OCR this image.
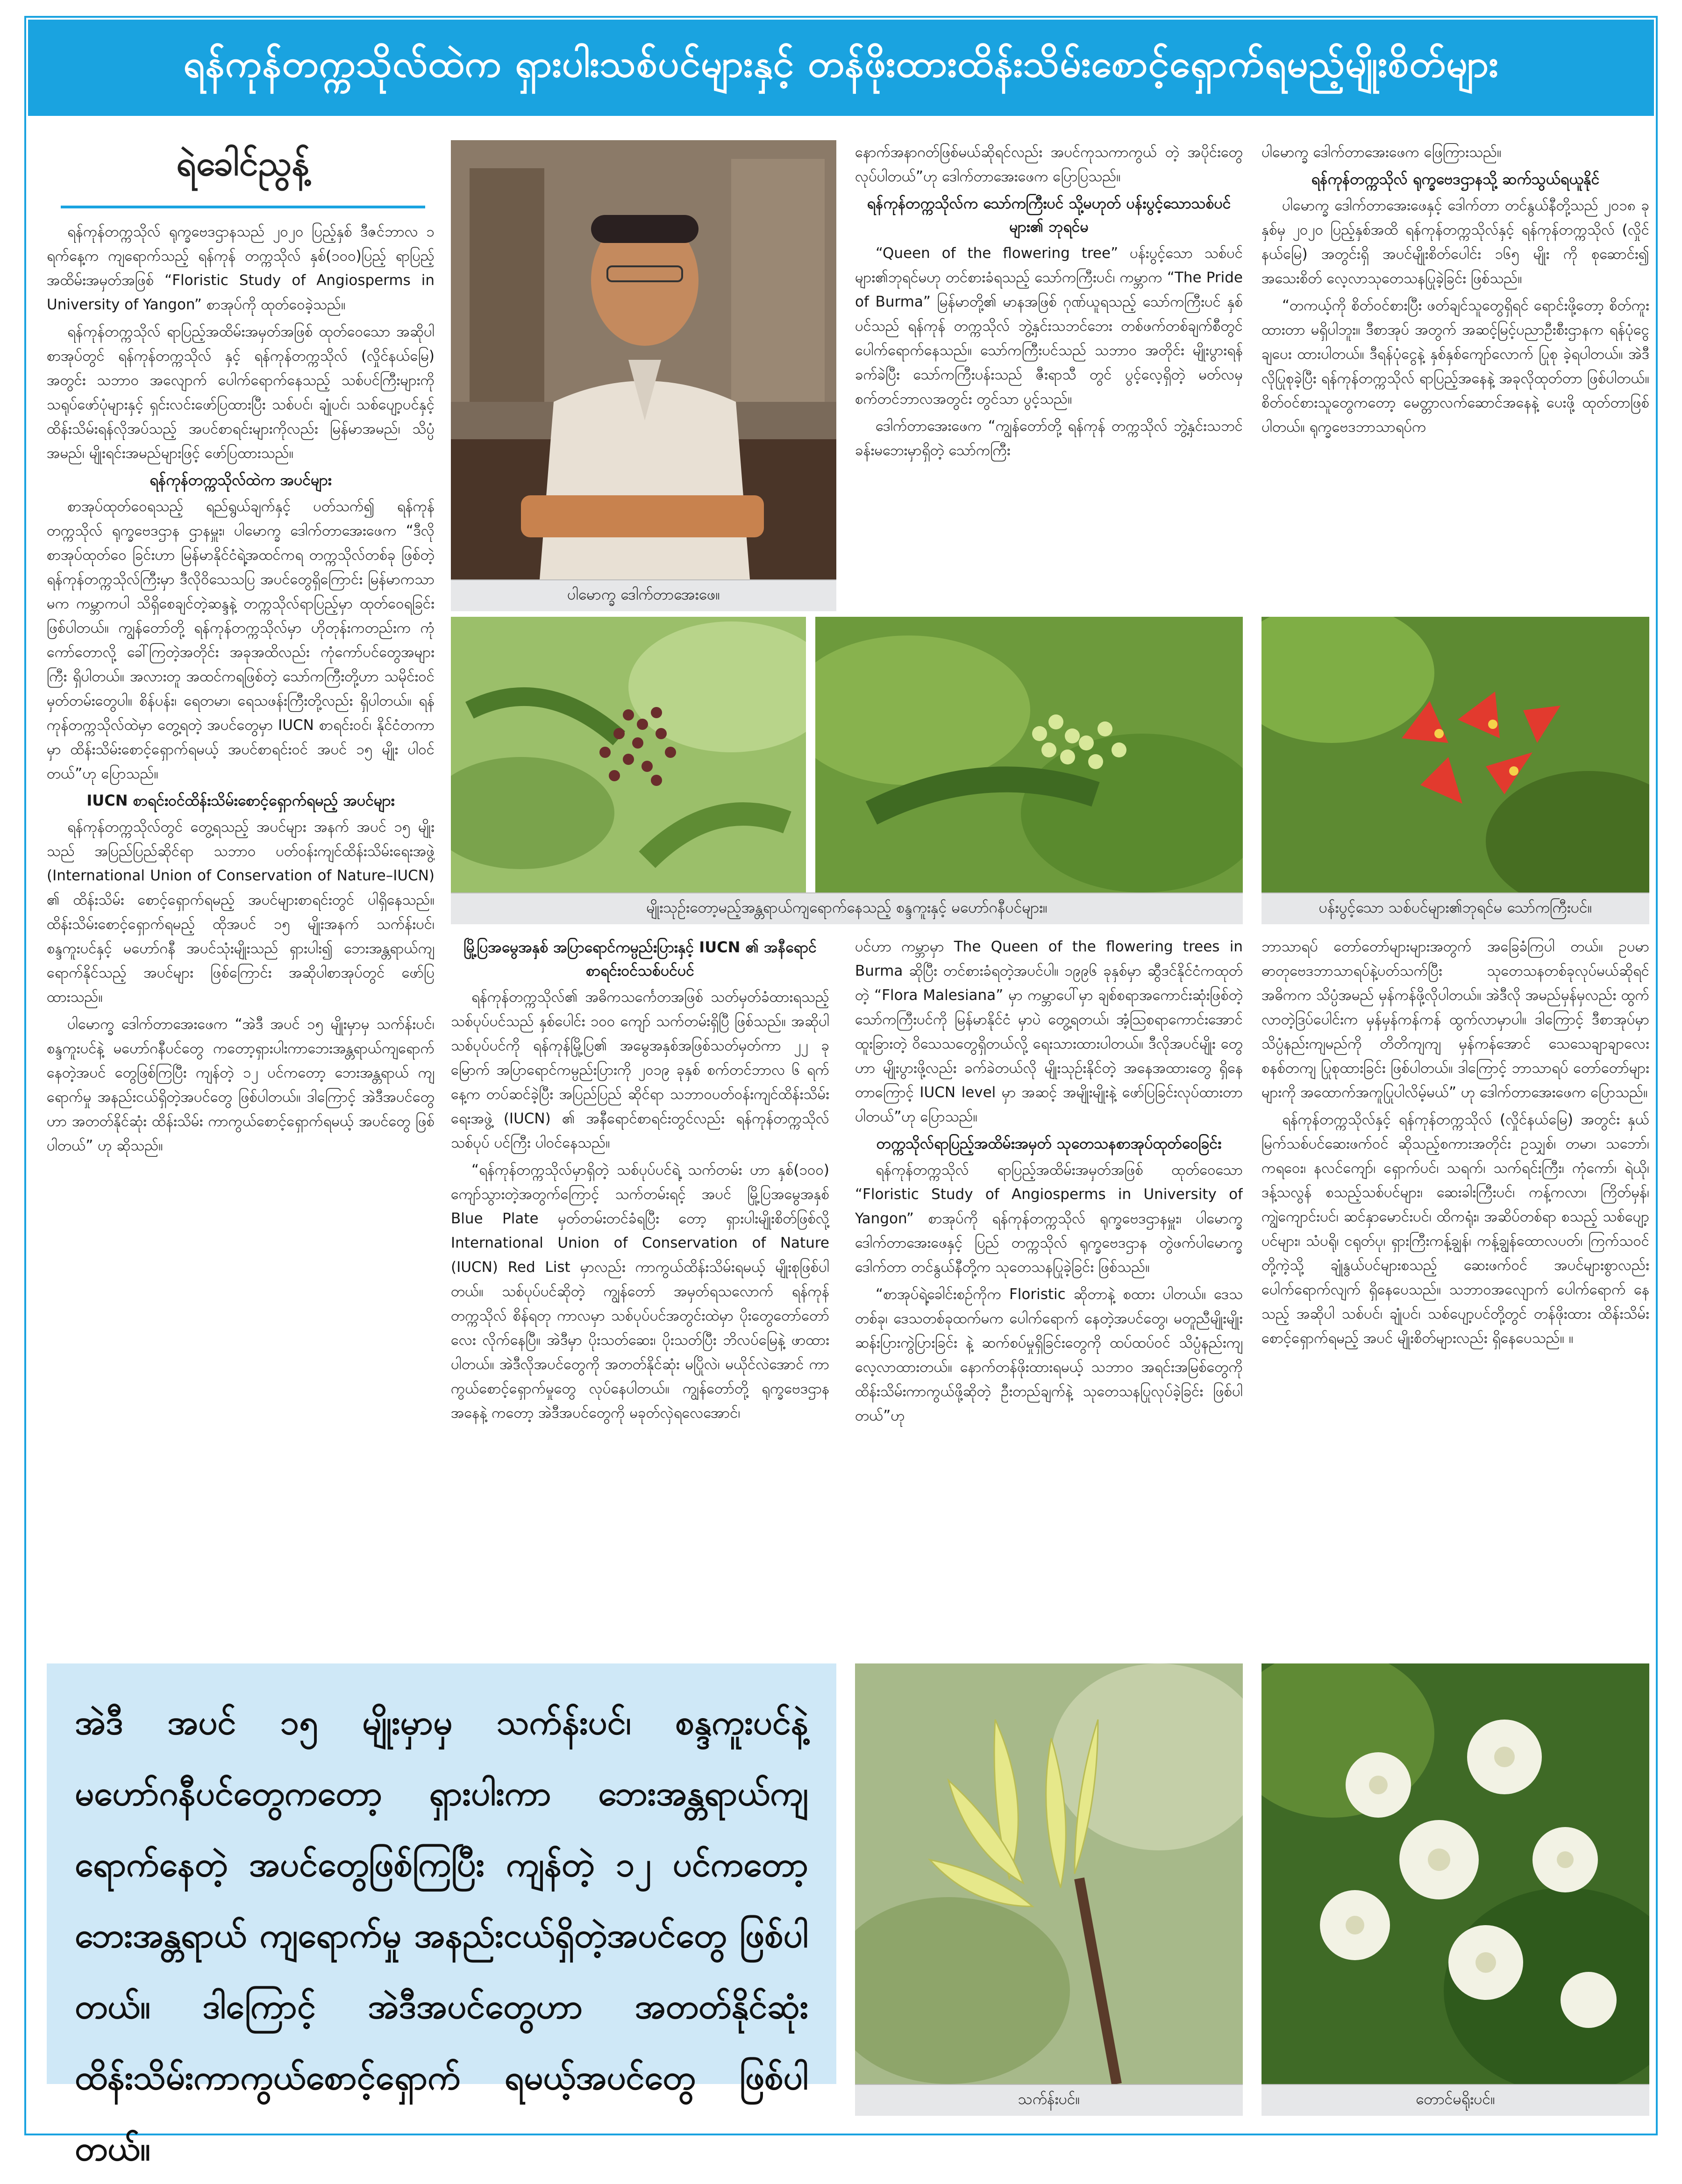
ရန်ကုန်တက္ကသိုလ်ထဲက ရှားပါးသစ်ပင်များနှင့် တန်ဖိုးထားထိန်းသိမ်းစောင့်ရှောက်ရမည့်မျိုးစိတ်များ
ရဲခေါင်ညွန့်

ရန်ကုန်တက္ကသိုလ် ရုက္ခဗေဒဌာနသည် ၂၀၂၀ ပြည့်နှစ် ဒီဇင်ဘာလ ၁ ရက်နေ့က ကျရောက်သည့် ရန်ကုန် တက္ကသိုလ် နှစ်(၁၀၀)ပြည့် ရာပြည့်အထိမ်းအမှတ်အဖြစ် “Floristic Study of Angiosperms in University of Yangon” စာအုပ်ကို ထုတ်ဝေခဲ့သည်။

ရန်ကုန်တက္ကသိုလ် ရာပြည့်အထိမ်းအမှတ်အဖြစ် ထုတ်ဝေသော အဆိုပါစာအုပ်တွင် ရန်ကုန်တက္ကသိုလ် နှင့် ရန်ကုန်တက္ကသိုလ် (လှိုင်နယ်မြေ) အတွင်း သဘာဝ အလျောက် ပေါက်ရောက်နေသည့် သစ်ပင်ကြီးများကို သရုပ်ဖော်ပုံများနှင့် ရှင်းလင်းဖော်ပြထားပြီး သစ်ပင်၊ ချုံပင်၊ သစ်ပျော့ပင်နှင့် ထိန်းသိမ်းရန်လိုအပ်သည့် အပင်စာရင်းများကိုလည်း မြန်မာအမည်၊ သိပ္ပံအမည်၊ မျိုးရင်းအမည်များဖြင့် ဖော်ပြထားသည်။

ရန်ကုန်တက္ကသိုလ်ထဲက အပင်များ

စာအုပ်ထုတ်ဝေရသည့် ရည်ရွယ်ချက်နှင့် ပတ်သက်၍ ရန်ကုန်တက္ကသိုလ် ရုက္ခဗေဒဌာန ဌာနမှူး၊ ပါမောက္ခ ဒေါက်တာအေးဖေက “ဒီလိုစာအုပ်ထုတ်ဝေ ခြင်းဟာ မြန်မာနိုင်ငံရဲ့အထင်ကရ တက္ကသိုလ်တစ်ခု ဖြစ်တဲ့ ရန်ကုန်တက္ကသိုလ်ကြီးမှာ ဒီလိုဝိသေသပြ အပင်တွေရှိကြောင်း မြန်မာကသာမက ကမ္ဘာကပါ သိရှိစေချင်တဲ့ဆန္ဒနဲ့ တက္ကသိုလ်ရာပြည့်မှာ ထုတ်ဝေရခြင်း ဖြစ်ပါတယ်။ ကျွန်တော်တို့ ရန်ကုန်တက္ကသိုလ်မှာ ဟိုတုန်းကတည်းက ကုံကော်တောလို့ ခေါ်ကြတဲ့အတိုင်း အခုအထိလည်း ကုံကော်ပင်တွေအများကြီး ရှိပါတယ်။ အလားတူ အထင်ကရဖြစ်တဲ့ သော်ကကြီးတို့ဟာ သမိုင်းဝင်မှတ်တမ်းတွေပါ။ စိန်ပန်း၊ ရေတမာ၊ ရေသဖန်းကြီးတို့လည်း ရှိပါတယ်။ ရန်ကုန်တက္ကသိုလ်ထဲမှာ တွေ့ရတဲ့ အပင်တွေမှာ IUCN စာရင်းဝင်၊ နိုင်ငံတကာမှာ ထိန်းသိမ်းစောင့်ရှောက်ရမယ့် အပင်စာရင်းဝင် အပင် ၁၅ မျိုး ပါဝင်တယ်”ဟု ပြောသည်။

IUCN စာရင်းဝင်ထိန်းသိမ်းစောင့်ရှောက်ရမည့် အပင်များ

ရန်ကုန်တက္ကသိုလ်တွင် တွေ့ရသည့် အပင်များ အနက် အပင် ၁၅ မျိုးသည် အပြည်ပြည်ဆိုင်ရာ သဘာဝ ပတ်ဝန်းကျင်ထိန်းသိမ်းရေးအဖွဲ့ (International Union of Conservation of Nature–IUCN) ၏ ထိန်းသိမ်း စောင့်ရှောက်ရမည့် အပင်များစာရင်းတွင် ပါရှိနေသည်။ ထိန်းသိမ်းစောင့်ရှောက်ရမည့် ထိုအပင် ၁၅ မျိုးအနက် သက်န်းပင်၊ စန္ဒကူးပင်နှင့် မဟော်ဂနီ အပင်သုံးမျိုးသည် ရှားပါး၍ ဘေးအန္တရာယ်ကျရောက်နိုင်သည့် အပင်များ ဖြစ်ကြောင်း အဆိုပါစာအုပ်တွင် ဖော်ပြထားသည်။

ပါမောက္ခ ဒေါက်တာအေးဖေက “အဲဒီ အပင် ၁၅ မျိုးမှာမှ သက်န်းပင်၊ စန္ဒကူးပင်နဲ့ မဟော်ဂနီပင်တွေ ကတော့ရှားပါးကာဘေးအန္တရာယ်ကျရောက်နေတဲ့အပင် တွေဖြစ်ကြပြီး ကျန်တဲ့ ၁၂ ပင်ကတော့ ဘေးအန္တရာယ် ကျရောက်မှု အနည်းငယ်ရှိတဲ့အပင်တွေ ဖြစ်ပါတယ်။ ဒါကြောင့် အဲဒီအပင်တွေဟာ အတတ်နိုင်ဆုံး ထိန်းသိမ်း ကာကွယ်စောင့်ရှောက်ရမယ့် အပင်တွေ ဖြစ်ပါတယ်” ဟု ဆိုသည်။

ပါမောက္ခ ဒေါက်တာအေးဖေ။

နောက်အနာဂတ်ဖြစ်မယ်ဆိုရင်လည်း အပင်ကုသကာကွယ် တဲ့ အပိုင်းတွေလုပ်ပါတယ်”ဟု ဒေါက်တာအေးဖေက ပြောပြသည်။

ရန်ကုန်တက္ကသိုလ်က သော်ကကြီးပင် သို့မဟုတ် ပန်းပွင့်သောသစ်ပင်များ၏ ဘုရင်မ

“Queen of the flowering tree” ပန်းပွင့်သော သစ်ပင်များ၏ဘုရင်မဟု တင်စားခံရသည့် သော်ကကြီးပင်၊ ကမ္ဘာက “The Pride of Burma” မြန်မာတို့၏ မာနအဖြစ် ဂုဏ်ယူရသည့် သော်ကကြီးပင် နှစ်ပင်သည် ရန်ကုန် တက္ကသိုလ် ဘွဲ့နှင်းသဘင်ဘေး တစ်ဖက်တစ်ချက်စီတွင် ပေါက်ရောက်နေသည်။ သော်ကကြီးပင်သည် သဘာဝ အတိုင်း မျိုးပွားရန်ခက်ခဲပြီး သော်ကကြီးပန်းသည် ဇီးရာသီ တွင် ပွင့်လေ့ရှိတဲ့ မတ်လမှ စက်တင်ဘာလအတွင်း တွင်သာ ပွင့်သည်။

ဒေါက်တာအေးဖေက “ကျွန်တော်တို့ ရန်ကုန် တက္ကသိုလ် ဘွဲ့နှင်းသဘင်ခန်းမဘေးမှာရှိတဲ့ သော်ကကြီး

ပါမောက္ခ ဒေါက်တာအေးဖေက ဖြေကြားသည်။

ရန်ကုန်တက္ကသိုလ် ရုက္ခဗေဒဌာနသို့ ဆက်သွယ်ရယူနိုင်

ပါမောက္ခ ဒေါက်တာအေးဖေနှင့် ဒေါက်တာ တင်နွယ်နီတို့သည် ၂၀၁၈ ခုနှစ်မှ ၂၀၂၀ ပြည့်နှစ်အထိ ရန်ကုန်တက္ကသိုလ်နှင့် ရန်ကုန်တက္ကသိုလ် (လှိုင်နယ်မြေ) အတွင်းရှိ အပင်မျိုးစိတ်ပေါင်း ၁၆၅ မျိုး ကို စုဆောင်း၍ အသေးစိတ် လေ့လာသုတေသနပြုခဲ့ခြင်း ဖြစ်သည်။

“တကယ့်ကို စိတ်ဝင်စားပြီး ဖတ်ချင်သူတွေရှိရင် ရောင်းဖို့တော့ စိတ်ကူးထားတာ မရှိပါဘူး။ ဒီစာအုပ် အတွက် အဆင့်မြင့်ပညာဦးစီးဌာနက ရန်ပုံငွေ ချပေး ထားပါတယ်။ ဒီရန်ပုံငွေနဲ့ နှစ်နှစ်ကျော်လောက် ပြုစု ခဲ့ရပါတယ်။ အဲဒီလိုပြုစုခဲ့ပြီး ရန်ကုန်တက္ကသိုလ် ရာပြည့်အနေနဲ့ အခုလိုထုတ်တာ ဖြစ်ပါတယ်။ စိတ်ဝင်စားသူတွေကတော့ မေတ္တာလက်ဆောင်အနေနဲ့ ပေးဖို့ ထုတ်တာဖြစ်ပါတယ်။ ရုက္ခဗေဒဘာသာရပ်က

မျိုးသုဉ်းတော့မည့်အန္တရာယ်ကျရောက်နေသည့် စန္ဒကူးနှင့် မဟော်ဂနီပင်များ။	ပန်းပွင့်သော သစ်ပင်များ၏ဘုရင်မ သော်ကကြီးပင်။
မြို့ပြအမွေအနှစ် အပြာရောင်ကမ္ပည်းပြားနှင့် IUCN ၏ အနီရောင်စာရင်းဝင်သစ်ပင်ပင်

ရန်ကုန်တက္ကသိုလ်၏ အဓိကသင်္ကေတအဖြစ် သတ်မှတ်ခံထားရသည့် သစ်ပုပ်ပင်သည် နှစ်ပေါင်း ၁၀၀ ကျော် သက်တမ်းရှိပြီ ဖြစ်သည်။ အဆိုပါ သစ်ပုပ်ပင်ကို ရန်ကုန်မြို့ပြ၏ အမွေအနှစ်အဖြစ်သတ်မှတ်ကာ ၂၂ ခုမြောက် အပြာရောင်ကမ္ပည်းပြားကို ၂၀၁၉ ခုနှစ် စက်တင်ဘာလ ၆ ရက်နေ့က တပ်ဆင်ခဲ့ပြီး အပြည်ပြည် ဆိုင်ရာ သဘာဝပတ်ဝန်းကျင်ထိန်းသိမ်းရေးအဖွဲ့ (IUCN) ၏ အနီရောင်စာရင်းတွင်လည်း ရန်ကုန်တက္ကသိုလ် သစ်ပုပ် ပင်ကြီး ပါဝင်နေသည်။

“ရန်ကုန်တက္ကသိုလ်မှာရှိတဲ့ သစ်ပုပ်ပင်ရဲ့ သက်တမ်း ဟာ နှစ်(၁၀၀) ကျော်သွားတဲ့အတွက်ကြောင့် သက်တမ်းရင့် အပင် မြို့ပြအမွေအနှစ် Blue Plate မှတ်တမ်းတင်ခံရပြီး တော့ ရှားပါးမျိုးစိတ်ဖြစ်လို့ International Union of Conservation of Nature (IUCN) Red List မှာလည်း ကာကွယ်ထိန်းသိမ်းရမယ့် မျိုးစုဖြစ်ပါတယ်။ သစ်ပုပ်ပင်ဆိုတဲ့ ကျွန်တော် အမှတ်ရသလောက် ရန်ကုန်တက္ကသိုလ် စိန်ရတု ကာလမှာ သစ်ပုပ်ပင်အတွင်းထဲမှာ ပိုးတွေတော်တော်လေး လိုက်နေပြီ။ အဲဒီမှာ ပိုးသတ်ဆေး၊ ပိုးသတ်ပြီး ဘိလပ်မြေနဲ့ ဖာထားပါတယ်။ အဲဒီလိုအပင်တွေကို အတတ်နိုင်ဆုံး မပြိုလဲ၊ မယိုင်လဲအောင် ကာကွယ်စောင့်ရှောက်မှုတွေ လုပ်နေပါတယ်။ ကျွန်တော်တို့ ရုက္ခဗေဒဌာနအနေနဲ့ ကတော့ အဲဒီအပင်တွေကို မခုတ်လှဲရလေအောင်၊

ပင်ဟာ ကမ္ဘာမှာ The Queen of the flowering trees in Burma ဆိုပြီး တင်စားခံရတဲ့အပင်ပါ။ ၁၉၉၆ ခုနှစ်မှာ ဆွီဒင်နိုင်ငံကထုတ်တဲ့ “Flora Malesiana” မှာ ကမ္ဘာပေါ်မှာ ချစ်စရာအကောင်းဆုံးဖြစ်တဲ့ သော်ကကြီးပင်ကို မြန်မာနိုင်ငံ မှာပဲ တွေ့ရတယ်၊ အံ့ဩစရာကောင်းအောင် ထူးခြားတဲ့ ဝိသေသတွေရှိတယ်လို့ ရေးသားထားပါတယ်။ ဒီလိုအပင်မျိုး တွေဟာ မျိုးပွားဖို့လည်း ခက်ခဲတယ်လို မျိုးသုဉ်းနိုင်တဲ့ အနေအထားတွေ ရှိနေတာကြောင့် IUCN level မှာ အဆင့် အမျိုးမျိုးနဲ့ ဖော်ပြခြင်းလုပ်ထားတာပါတယ်”ဟု ပြောသည်။

တက္ကသိုလ်ရာပြည့်အထိမ်းအမှတ် သုတေသနစာအုပ်ထုတ်ဝေခြင်း

ရန်ကုန်တက္ကသိုလ် ရာပြည့်အထိမ်းအမှတ်အဖြစ် ထုတ်ဝေသော “Floristic Study of Angiosperms in University of Yangon” စာအုပ်ကို ရန်ကုန်တက္ကသိုလ် ရုက္ခဗေဒဌာနမှူး၊ ပါမောက္ခ ဒေါက်တာအေးဖေနှင့် ပြည် တက္ကသိုလ် ရုက္ခဗေဒဌာန တွဲဖက်ပါမောက္ခ ဒေါက်တာ တင်နွယ်နီတို့က သုတေသနပြုခဲ့ခြင်း ဖြစ်သည်။

“စာအုပ်ရဲ့ခေါင်းစဉ်ကိုက Floristic ဆိုတာနဲ့ စထား ပါတယ်။ ဒေသတစ်ခု၊ ဒေသတစ်ခုထက်မက ပေါက်ရောက် နေတဲ့အပင်တွေ၊ မတူညီမျိုးမျိုး ဆန်းပြားကွဲပြားခြင်း နဲ့ ဆက်စပ်မှုရှိခြင်းတွေကို ထပ်ထပ်ဝင် သိပ္ပံနည်းကျ လေ့လာထားတယ်။ နောက်တန်ဖိုးထားရမယ့် သဘာဝ အရင်းအမြစ်တွေကို ထိန်းသိမ်းကာကွယ်ဖို့ဆိုတဲ့ ဦးတည်ချက်နဲ့ သုတေသနပြုလုပ်ခဲ့ခြင်း ဖြစ်ပါတယ်”ဟု

ဘာသာရပ် တော်တော်များများအတွက် အခြေခံကြပါ တယ်။ ဥပမာ ဓာတုဗေဒဘာသာရပ်နဲ့ပတ်သက်ပြီး သုတေသနတစ်ခုလုပ်မယ်ဆိုရင် အဓိကက သိပ္ပံအမည် မှန်ကန်ဖို့လိုပါတယ်။ အဲဒီလို အမည်မှန်မှလည်း ထွက်လာတဲ့ဒြပ်ပေါင်းက မှန်မှန်ကန်ကန် ထွက်လာမှာပါ။ ဒါကြောင့် ဒီစာအုပ်မှာ သိပ္ပံနည်းကျမည်ကို တိတိကျကျ မှန်ကန်အောင် သေသေချာချာလေး စနစ်တကျ ပြုစုထားခြင်း ဖြစ်ပါတယ်။ ဒါကြောင့် ဘာသာရပ် တော်တော်များများကို အထောက်အကူပြုပါလိမ့်မယ်” ဟု ဒေါက်တာအေးဖေက ပြောသည်။

ရန်ကုန်တက္ကသိုလ်နှင့် ရန်ကုန်တက္ကသိုလ် (လှိုင်နယ်မြေ) အတွင်း နှယ်မြက်သစ်ပင်ဆေးဖက်ဝင် ဆိုသည့်စကားအတိုင်း ဥသျှစ်၊ တမာ၊ သဘော်၊ ကရဝေး၊ နလင်ကျော်၊ ရှောက်ပင်၊ သရက်၊ သက်ရင်းကြီး၊ ကုံကော်၊ ရဲယို၊ ဒန့်သလွန် စသည့်သစ်ပင်များ၊ ဆေးခါးကြီးပင်၊ ကန့်ကလာ၊ ကြိတ်မှန်၊ ကျွဲကျောင်းပင်၊ ဆင်နှာမောင်းပင်၊ ထိကရုံး၊ အဆိပ်တစ်ရာ စသည့် သစ်ပျော့ပင်များ၊ သံပရို၊ ငရုတ်ပု၊ ရှားကြီးကန့်ချွန်၊ ကန့်ချွန်ထောလပတ်၊ ကြက်သဝင်တို့ကဲ့သို့ ချုံနွယ်ပင်များစသည့် ဆေးဖက်ဝင် အပင်များစွာလည်း ပေါက်ရောက်လျက် ရှိနေပေသည်။ သဘာဝအလျောက် ပေါက်ရောက် နေသည့် အဆိုပါ သစ်ပင်၊ ချုံပင်၊ သစ်ပျော့ပင်တို့တွင် တန်ဖိုးထား ထိန်းသိမ်းစောင့်ရှောက်ရမည့် အပင် မျိုးစိတ်များလည်း ရှိနေပေသည်။ ။

အဲဒီ အပင် ၁၅ မျိုးမှာမှ သက်န်းပင်၊ စန္ဒကူးပင်နဲ့ မဟော်ဂနီပင်တွေကတော့ ရှားပါးကာ ဘေးအန္တရာယ်ကျရောက်နေတဲ့ အပင်တွေဖြစ်ကြပြီး ကျန်တဲ့ ၁၂ ပင်ကတော့ ဘေးအန္တရာယ် ကျရောက်မှု အနည်းငယ်ရှိတဲ့အပင်တွေ ဖြစ်ပါတယ်။ ဒါကြောင့် အဲဒီအပင်တွေဟာ အတတ်နိုင်ဆုံး ထိန်းသိမ်းကာကွယ်စောင့်ရှောက် ရမယ့်အပင်တွေ ဖြစ်ပါတယ်။
သက်န်းပင်။	တောင်မရိုးပင်။
